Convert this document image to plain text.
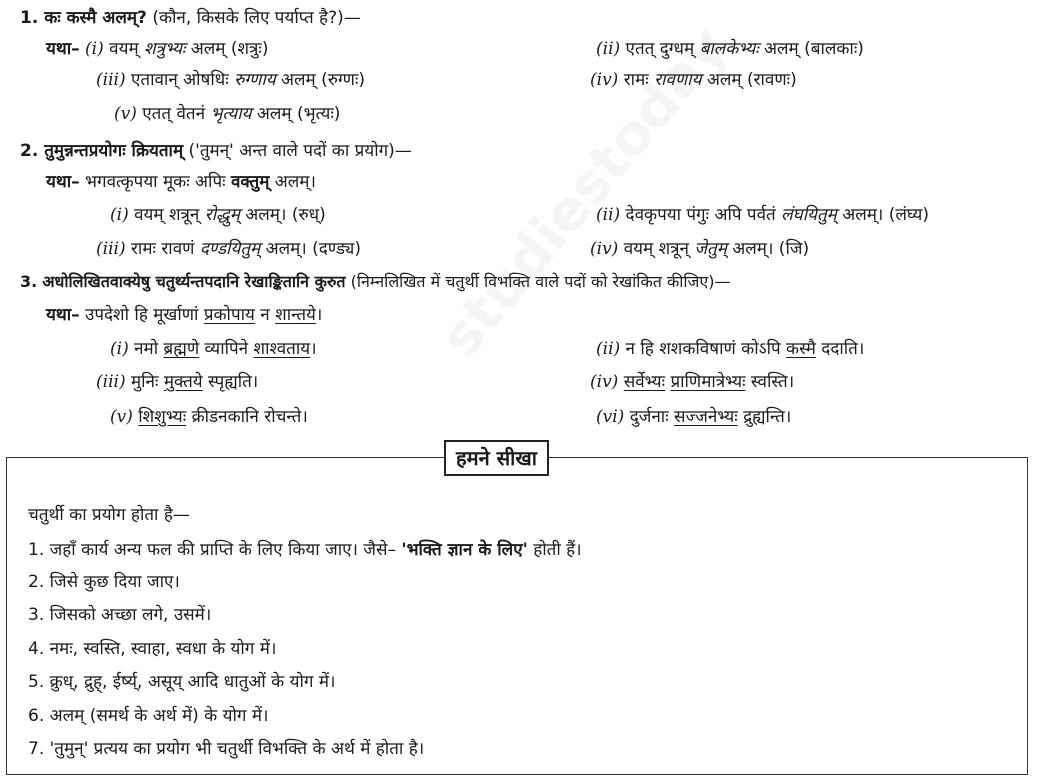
1. कः कस्मै अलम्? (कौन, किसके लिए पर्याप्त है?)—
यथा– (i) वयम् शत्रुभ्यः अलम् (शत्रुः)	(ii) एतत् दुग्धम् बालकेभ्यः अलम् (बालकाः)
(iii) एतावान् ओषधिः रुग्णाय अलम् (रुग्णः)	(iv) रामः रावणाय अलम् (रावणः)
(v) एतत् वेतनं भृत्याय अलम् (भृत्यः)
2. तुमुन्नन्तप्रयोगः क्रियताम् ('तुमन्' अन्त वाले पदों का प्रयोग)—
यथा– भगवत्कृपया मूकः अपिः वक्तुम् अलम्।
(i) वयम् शत्रून् रोद्धुम् अलम्। (रुध्)	(ii) देवकृपया पंगुः अपि पर्वतं लंघयितुम् अलम्। (लंघ्य)
(iii) रामः रावणं दण्डयितुम् अलम्। (दण्ड्य)	(iv) वयम् शत्रून् जेतुम् अलम्। (जि)
3. अधोलिखितवाक्येषु चतुर्थ्यन्तपदानि रेखाङ्कितानि कुरुत (निम्नलिखित में चतुर्थी विभक्ति वाले पदों को रेखांकित कीजिए)—
यथा– उपदेशो हि मूर्खाणां प्रकोपाय न शान्तये।
(i) नमो ब्रह्मणे व्यापिने शाश्वताय।	(ii) न हि शशकविषाणं कोऽपि कस्मै ददाति।
(iii) मुनिः मुक्तये स्पृह्यति।	(iv) सर्वेभ्यः प्राणिमात्रेभ्यः स्वस्ति।
(v) शिशुभ्यः क्रीडनकानि रोचन्ते।	(vi) दुर्जनाः सज्जनेभ्यः द्रुह्यन्ति।
हमने सीखा
चतुर्थी का प्रयोग होता है—
1. जहाँ कार्य अन्य फल की प्राप्ति के लिए किया जाए। जैसे– 'भक्ति ज्ञान के लिए' होती हैं।
2. जिसे कुछ दिया जाए।
3. जिसको अच्छा लगे, उसमें।
4. नमः, स्वस्ति, स्वाहा, स्वधा के योग में।
5. क्रुध्, द्रुह्, ईर्ष्य्, असूय् आदि धातुओं के योग में।
6. अलम् (समर्थ के अर्थ में) के योग में।
7. 'तुमुन्' प्रत्यय का प्रयोग भी चतुर्थी विभक्ति के अर्थ में होता है।
